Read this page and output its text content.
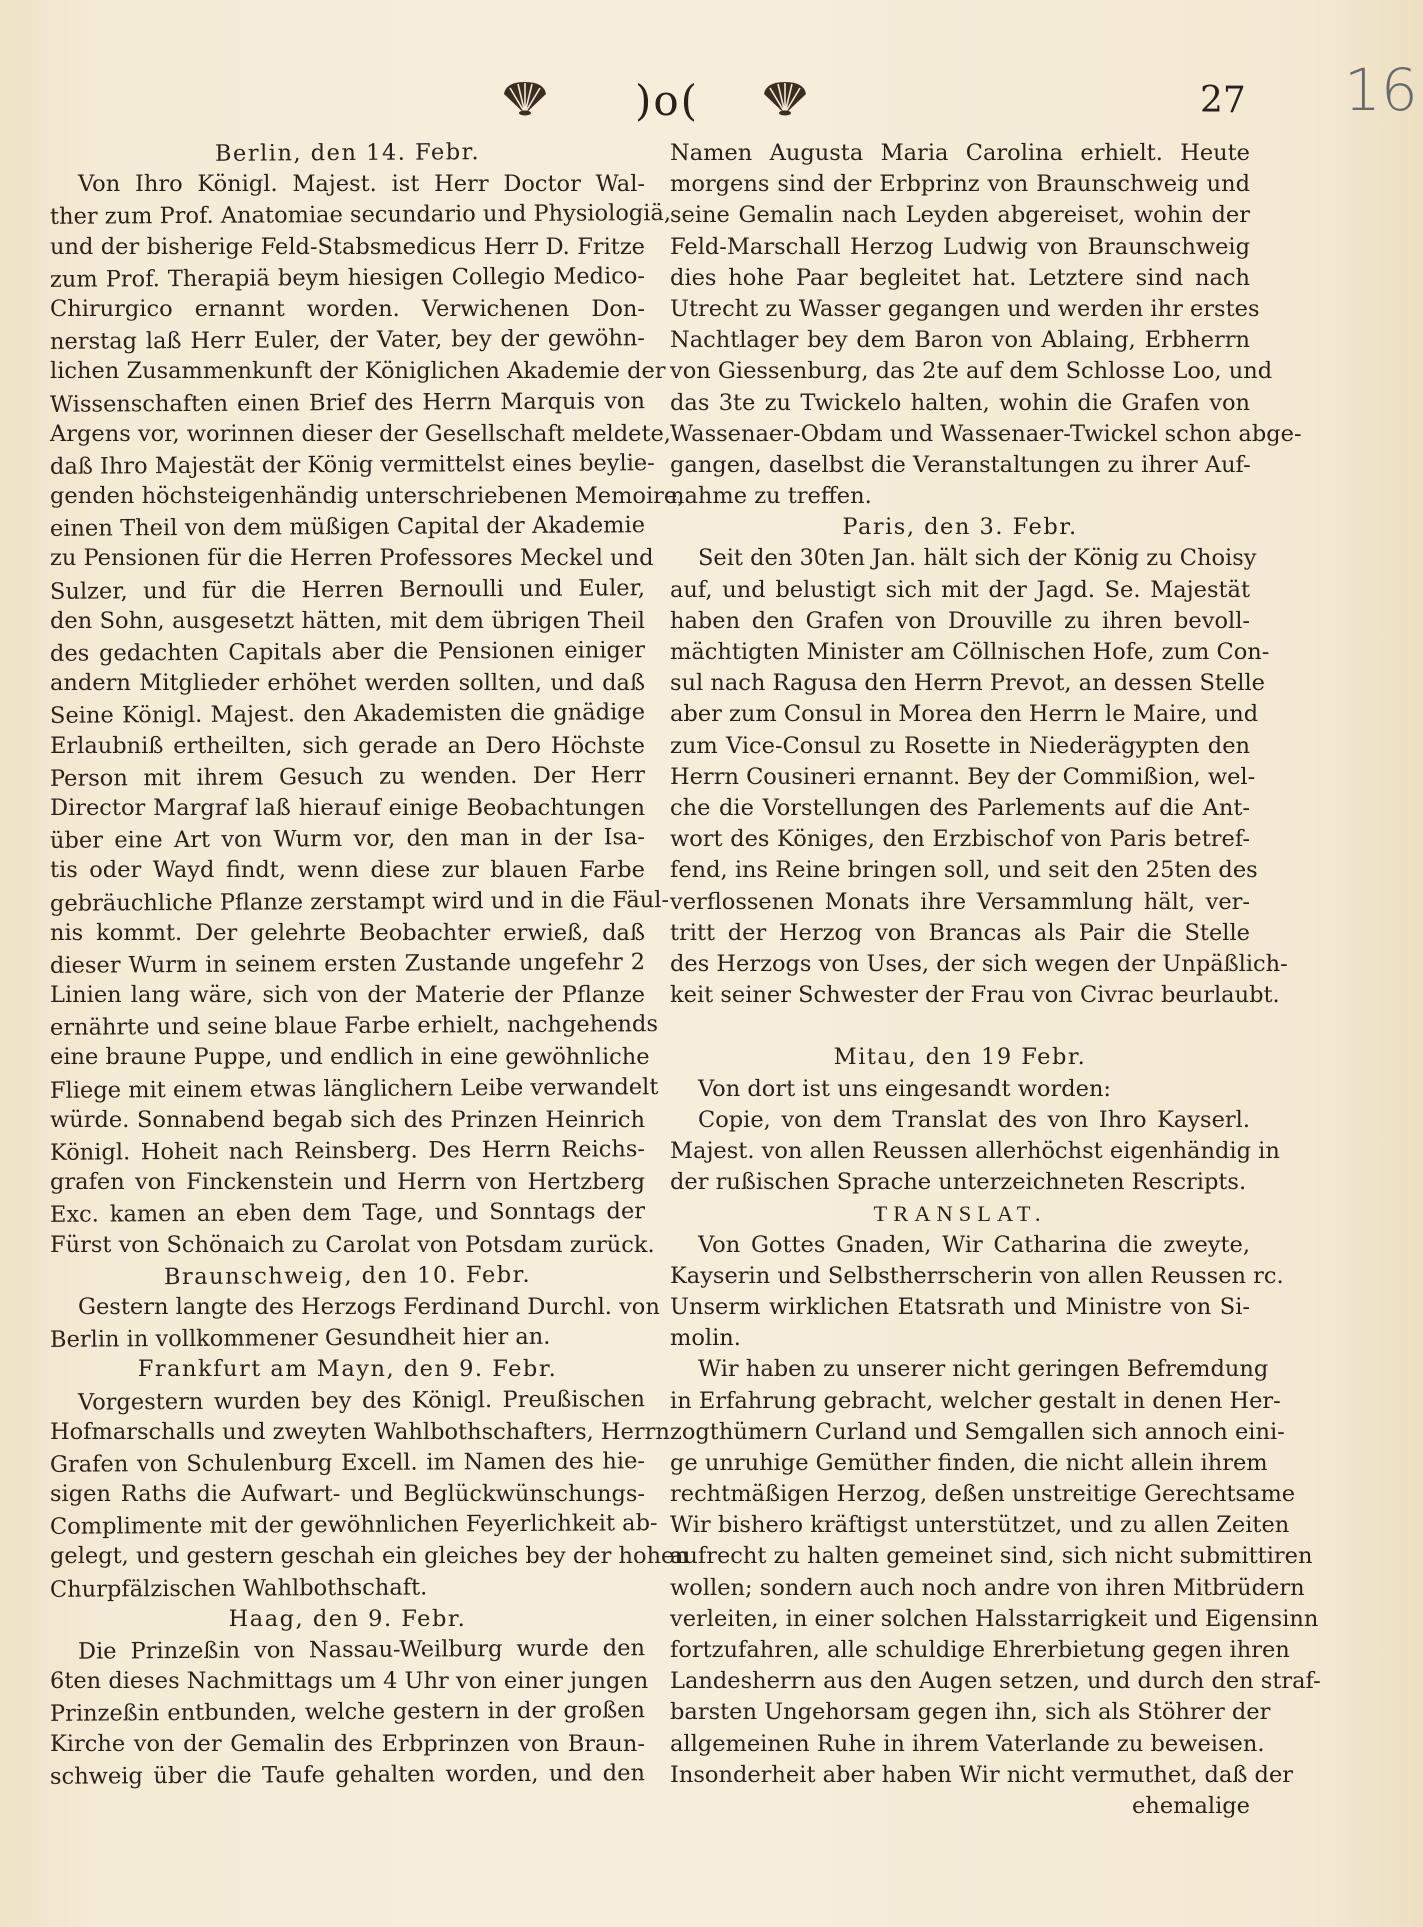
)o(	27 16
Berlin, den 14. Febr.
Von Ihro Königl. Majest. ist Herr Doctor Wal-
ther zum Prof. Anatomiae secundario und Physiologiä,
und der bisherige Feld-Stabsmedicus Herr D. Fritze
zum Prof. Therapiä beym hiesigen Collegio Medico-
Chirurgico ernannt worden. Verwichenen Don-
nerstag laß Herr Euler, der Vater, bey der gewöhn-
lichen Zusammenkunft der Königlichen Akademie der
Wissenschaften einen Brief des Herrn Marquis von
Argens vor, worinnen dieser der Gesellschaft meldete,
daß Ihro Majestät der König vermittelst eines beylie-
genden höchsteigenhändig unterschriebenen Memoire,
einen Theil von dem müßigen Capital der Akademie
zu Pensionen für die Herren Professores Meckel und
Sulzer, und für die Herren Bernoulli und Euler,
den Sohn, ausgesetzt hätten, mit dem übrigen Theil
des gedachten Capitals aber die Pensionen einiger
andern Mitglieder erhöhet werden sollten, und daß
Seine Königl. Majest. den Akademisten die gnädige
Erlaubniß ertheilten, sich gerade an Dero Höchste
Person mit ihrem Gesuch zu wenden. Der Herr
Director Margraf laß hierauf einige Beobachtungen
über eine Art von Wurm vor, den man in der Isa-
tis oder Wayd findt, wenn diese zur blauen Farbe
gebräuchliche Pflanze zerstampt wird und in die Fäul-
nis kommt. Der gelehrte Beobachter erwieß, daß
dieser Wurm in seinem ersten Zustande ungefehr 2
Linien lang wäre, sich von der Materie der Pflanze
ernährte und seine blaue Farbe erhielt, nachgehends
eine braune Puppe, und endlich in eine gewöhnliche
Fliege mit einem etwas länglichern Leibe verwandelt
würde. Sonnabend begab sich des Prinzen Heinrich
Königl. Hoheit nach Reinsberg. Des Herrn Reichs-
grafen von Finckenstein und Herrn von Hertzberg
Exc. kamen an eben dem Tage, und Sonntags der
Fürst von Schönaich zu Carolat von Potsdam zurück.
Braunschweig, den 10. Febr.
Gestern langte des Herzogs Ferdinand Durchl. von
Berlin in vollkommener Gesundheit hier an.
Frankfurt am Mayn, den 9. Febr.
Vorgestern wurden bey des Königl. Preußischen
Hofmarschalls und zweyten Wahlbothschafters, Herrn
Grafen von Schulenburg Excell. im Namen des hie-
sigen Raths die Aufwart- und Beglückwünschungs-
Complimente mit der gewöhnlichen Feyerlichkeit ab-
gelegt, und gestern geschah ein gleiches bey der hohen
Churpfälzischen Wahlbothschaft.
Haag, den 9. Febr.
Die Prinzeßin von Nassau-Weilburg wurde den
6ten dieses Nachmittags um 4 Uhr von einer jungen
Prinzeßin entbunden, welche gestern in der großen
Kirche von der Gemalin des Erbprinzen von Braun-
schweig über die Taufe gehalten worden, und den
Namen Augusta Maria Carolina erhielt. Heute
morgens sind der Erbprinz von Braunschweig und
seine Gemalin nach Leyden abgereiset, wohin der
Feld-Marschall Herzog Ludwig von Braunschweig
dies hohe Paar begleitet hat. Letztere sind nach
Utrecht zu Wasser gegangen und werden ihr erstes
Nachtlager bey dem Baron von Ablaing, Erbherrn
von Giessenburg, das 2te auf dem Schlosse Loo, und
das 3te zu Twickelo halten, wohin die Grafen von
Wassenaer-Obdam und Wassenaer-Twickel schon abge-
gangen, daselbst die Veranstaltungen zu ihrer Auf-
nahme zu treffen.
Paris, den 3. Febr.
Seit den 30ten Jan. hält sich der König zu Choisy
auf, und belustigt sich mit der Jagd. Se. Majestät
haben den Grafen von Drouville zu ihren bevoll-
mächtigten Minister am Cöllnischen Hofe, zum Con-
sul nach Ragusa den Herrn Prevot, an dessen Stelle
aber zum Consul in Morea den Herrn le Maire, und
zum Vice-Consul zu Rosette in Niederägypten den
Herrn Cousineri ernannt. Bey der Commißion, wel-
che die Vorstellungen des Parlements auf die Ant-
wort des Königes, den Erzbischof von Paris betref-
fend, ins Reine bringen soll, und seit den 25ten des
verflossenen Monats ihre Versammlung hält, ver-
tritt der Herzog von Brancas als Pair die Stelle
des Herzogs von Uses, der sich wegen der Unpäßlich-
keit seiner Schwester der Frau von Civrac beurlaubt.
Mitau, den 19 Febr.
Von dort ist uns eingesandt worden:
Copie, von dem Translat des von Ihro Kayserl.
Majest. von allen Reussen allerhöchst eigenhändig in
der rußischen Sprache unterzeichneten Rescripts.
TRANSLAT.
Von Gottes Gnaden, Wir Catharina die zweyte,
Kayserin und Selbstherrscherin von allen Reussen rc.
Unserm wirklichen Etatsrath und Ministre von Si-
molin.
Wir haben zu unserer nicht geringen Befremdung
in Erfahrung gebracht, welcher gestalt in denen Her-
zogthümern Curland und Semgallen sich annoch eini-
ge unruhige Gemüther finden, die nicht allein ihrem
rechtmäßigen Herzog, deßen unstreitige Gerechtsame
Wir bishero kräftigst unterstützet, und zu allen Zeiten
aufrecht zu halten gemeinet sind, sich nicht submittiren
wollen; sondern auch noch andre von ihren Mitbrüdern
verleiten, in einer solchen Halsstarrigkeit und Eigensinn
fortzufahren, alle schuldige Ehrerbietung gegen ihren
Landesherrn aus den Augen setzen, und durch den straf-
barsten Ungehorsam gegen ihn, sich als Stöhrer der
allgemeinen Ruhe in ihrem Vaterlande zu beweisen.
Insonderheit aber haben Wir nicht vermuthet, daß der
ehemalige
